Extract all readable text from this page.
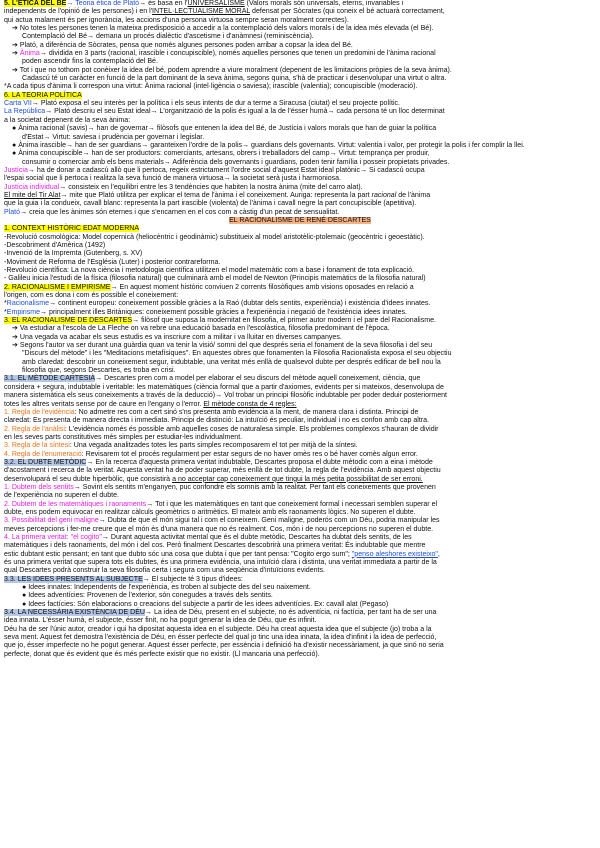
5. L'ÈTICA DEL BÉ→ Teoria ètica de Plató→ és basa en l'UNIVERSALISME (Valors morals són universals, eterns, invariables i

independents de l'opinió de les persones) i en l'INTEL·LECTUALISME MORAL defensat per Sòcrates (qui coneix el bé actuarà correctament,

qui actua malament és per ignorància, les accions d'una persona virtuosa sempre seran moralment correctes).

➔ No totes les persones tenen la mateixa predisposició a accedir a la contemplació dels valors morals i de la idea més elevada (el Bé).

Contemplació del Bé→ demana un procés dialèctic d'ascetisme i d'anàmnesi (reminiscència).

➔ Plató, a diferència de Sòcrates, pensa que només algunes persones poden arribar a copsar la idea del Bé.

➔ Ànima→ dividida en 3 parts (racional, irascible i concupiscible), només aquelles persones que tenen un predomini de l'ànima racional

poden ascendir fins la contemplació del Bé.

➔ Tot i que no tothom pot conèixer la idea del bé, podem aprendre a viure moralment (depenent de les limitacions pròpies de la seva ànima).

Cadascú té un caràcter en funció de la part dominant de la seva ànima, segons quina, s'hà de practicar i desenvolupar una virtut o altra.

*A cada tipus d'ànima li correspon una virtut: Ànima racional (intel·ligència o saviesa); irascible (valentia); concupiscible (moderació).

6. LA TEORIA POLÍTICA

Carta VII→ Plató exposa el seu interès per la política i els seus intents de dur a terme a Siracusa (ciutat) el seu projecte polític.

La República→ Plató descriu el seu Estat ideal→ L'organització de la polis és igual a la de l'ésser humà→ cada persona té un lloc determinat

a la societat depenent de la seva ànima:

● Ànima racional (savis)→ han de governar→ filòsofs que entenen la idea del Bé, de Justícia i valors morals que han de guiar la política

d'Estat→ Virtut: saviesa i prudència per governar i legislar.

● Ànima irascible→ han de ser guardians→ garanteixen l'ordre de la polis→ guardians dels governants. Virtut: valentia i valor, per protegir la polis i fer complir la llei.

● Ànima concupiscible→ han de ser productors: comerciants, artesans, obrers i treballadors del camp→ Virtut: temprança per produir,

consumir o comerciar amb els bens materials→ Adiferència dels governants i guardians, poden tenir família i posseir propietats privades.

Justícia→ ha de donar a cadascú allò que li pertoca, regeix estrictament l'ordre social d'aquest Estat ideal platònic→ Si cadascú ocupa

l'espai social que li pertoca i realitza la seva funció de manera virtuosa→ la societat serà justa i harmoniosa.

Justícia individual→ consisteix en l'equilibri entre les 3 tendències que habiten la nostra ànima (mite del carro alat).

El mite del Tir Alat→ mite que Plató utilitza per explicar el tema de l'ànima i el coneixement. Auriga: representa la part racional de l'ànima

que la guia i la condueix, cavall blanc: representa la part irascible (violenta) de l'ànima i cavall negre la part concupiscible (apetitiva).

Plató→ creia que les ànimes són eternes i que s'encarnen en el cos com a càstig d'un pecat de sensualitat.

EL RACIONALISME DE RENÉ DESCARTES

1. CONTEXT HISTÒRIC EDAT MODERNA

-Revolució cosmològica: Model copernicà (heliocèntric i geodinàmic) substitueix al model aristotèlic-ptolemaic (geocèntric i geoestàtic).

-Descobriment d'Amèrica (1492)

-Invenció de la Impremta (Gutenberg, s. XV)

-Moviment de Reforma de l'Església (Luter) i posterior contrareforma.

-Revolució científica: La nova ciència i metodologia científica utilitzen el model matemàtic com a base i fonament de tota explicació.

- Galileu inicia l'estudi de la física (filosofia natural) que culminarà amb el model de Newton (Principis matemàtics de la filosofia natural)

2. RACIONALISME I EMPIRISME→ En aquest moment històric conviuen 2 corrents filosòfiques amb visions oposades en relació a

l'origen, com es dona i com és possible el coneixement:

*Racionalisme→ continent europeu: coneixement possible gràcies a la Raó (dubtar dels sentits, experiència) i existència d'idees innates.

*Empirisme→ principalment illes Britàniques: coneixement possible gràcies a l'experiència i negació de l'existència idees innates.

3. EL RACIONALISME DE DESCARTES→ filòsof que suposa la modernitat en filosofia, el primer autor modern i el pare del Racionalisme.

➔ Va estudiar a l'escola de La Fleche on va rebre una educació basada en l'escolàstica, filosofia predominant de l'època.

➔ Una vegada va acabar els seus estudis es va inscriure com a militar i va lluitar en diverses campanyes.

➔ Segons l'autor va ser durant una guàrdia quan va tenir la visió/ somni del que després seria el fonament de la seva filosofia i del seu

"Discurs del mètode" i les "Meditacions metafísiques". En aquestes obres que fonamenten la Filosofia Racionalista exposa el seu objectiu

amb claredat: descobrir un coneixement segur, indubtable, una veritat més enllà de qualsevol dubte per després edificar de bell nou la

filosofia que, segons Descartes, es troba en crisi.

3.1. EL MÈTODE CARTESIÀ→ Descartes pren com a model per elaborar el seu discurs del mètode aquell coneixement, ciència, que

considera + segura, indubtable i veritable: les matemàtiques (ciència formal que a partir d'axiomes, evidents per si mateixos, desenvolupa de

manera sistemàtica els seus coneixements a través de la deducció)→ Vol trobar un principi filosòfic indubtable per poder deduir posteriorment

totes les altres veritats sense por de caure en l'engany o l'error. El mètode consta de 4 regles:

1. Regla de l'evidència: No admetre res com a cert sinó s'ns presenta amb evidència a la ment, de manera clara i distinta. Principi de

claredat: Es presenta de manera directa i immediata. Principi de distinció: La intuïció és peculiar, individual i no es confon amb cap altra.

2. Regla de l'anàlisi: L'evidència només és possible amb aquelles coses de naturalesa simple. Els problemes complexos s'hauran de dividir

en les seves parts constitutives més simples per estudiar-les individualment.

3. Regla de la síntesi: Una vegada analitzades totes les parts simples recomposarem el tot per mitjà de la síntesi.

4. Regla de l'enumeració: Revisarem tot el procés regularment per estar segurs de no haver omès res o bé haver comès algun error.

3.2. EL DUBTE METÒDIC→ En la recerca d'aquesta primera veritat indubtable, Descartes proposa el dubte mètodic com a eina i mètode

d'acostament i recerca de la veritat. Aquesta veritat ha de poder superar, més enllà de tot dubte, la regla de l'evidència. Amb aquest objectiu

desenvolupará el seu dubte hiperbòlic, que consistirà a no acceptar cap coneixement que tingui la més petita possibilitat de ser erroni.

1. Dubtem dels sentits→ Sovint els sentits m'enganyen, puc confondre els somnis amb la realitat. Per tant els coneixements que provenen

de l'experiència no superen el dubte.

2. Dubtem de les matemàtiques i raonaments→ Tot i que les matemàtiques en tant que coneixement formal i necessari semblen superar el

dubte, ens podem equivocar en realitzar càlculs geomètrics o aritmètics. El mateix amb els raonaments lògics. No superen el dubte.

3. Possibilitat del geni maligne→ Dubta de que el món sigui tal i com el coneixem. Geni maligne, poderós com un Déu, podria manipular les

meves percepcions i fer-me creure que el món és d'una manera que no és realment. Cos, món i de nou percepcions no superen el dubte.

4. La primera veritat: "el cogito"→ Durant aquesta activitat mental que és el dubte metòdic, Descartes ha dubtat dels sentits, de les

matemàtiques i dels raonaments, del món i del cos. Però finalment Descartes descobrirà una primera veritat: És indubtable que mentre

estic dubtant estic pensant; en tant que dubto sóc una cosa que dubta i que per tant pensa: "Cogito ergo sum"; "penso aleshores existeixo",

és una primera veritat que supera tots els dubtes, és una primera evidència, una intuïció clara i distinta, una veritat immediata a partir de la

qual Descartes podrà construir la seva filosofia certa i segura com una seqüència d'intuïcions evidents.

3.3. LES IDEES PRESENTS AL SUBJECTE→ El subjecte té 3 tipus d'idees:

● Idees innates: Independents de l'experiència, es troben al subjecte des del seu naixement.

● Idees adventícies: Provenen de l'exterior, són conegudes a través dels sentits.

● Idees factícies: Són elaboracions o creacions del subjecte a partir de les idees adventícies. Ex: cavall alat (Pegaso)

3.4. LA NECESSÀRIA EXISTÈNCIA DE DÉU→ La idea de Déu, present en el subjecte, no és adventícia, ni factícia, per tant ha de ser una

idea innata. L'ésser humà, el subjecte, ésser finit, no ha pogut generar la idea de Déu, que és infinit.

Déu ha de ser l'únic autor, creador i qui ha dipositat aquesta idea en el subjecte. Déu ha creat aquesta idea que el subjecte (jo) troba a la

seva ment. Aquest fet demostra l'existència de Déu, en ésser perfecte del qual jo tinc una idea innata, la idea d'infinit i la idea de perfecció,

que jo, ésser imperfecte no he pogut generar. Aquest ésser perfecte, per essència i definició ha d'existir necessàriament, ja que sinó no seria

perfecte, donat que és evident que és més perfecte existir que no existir. (Ll mancaria una perfecció).
